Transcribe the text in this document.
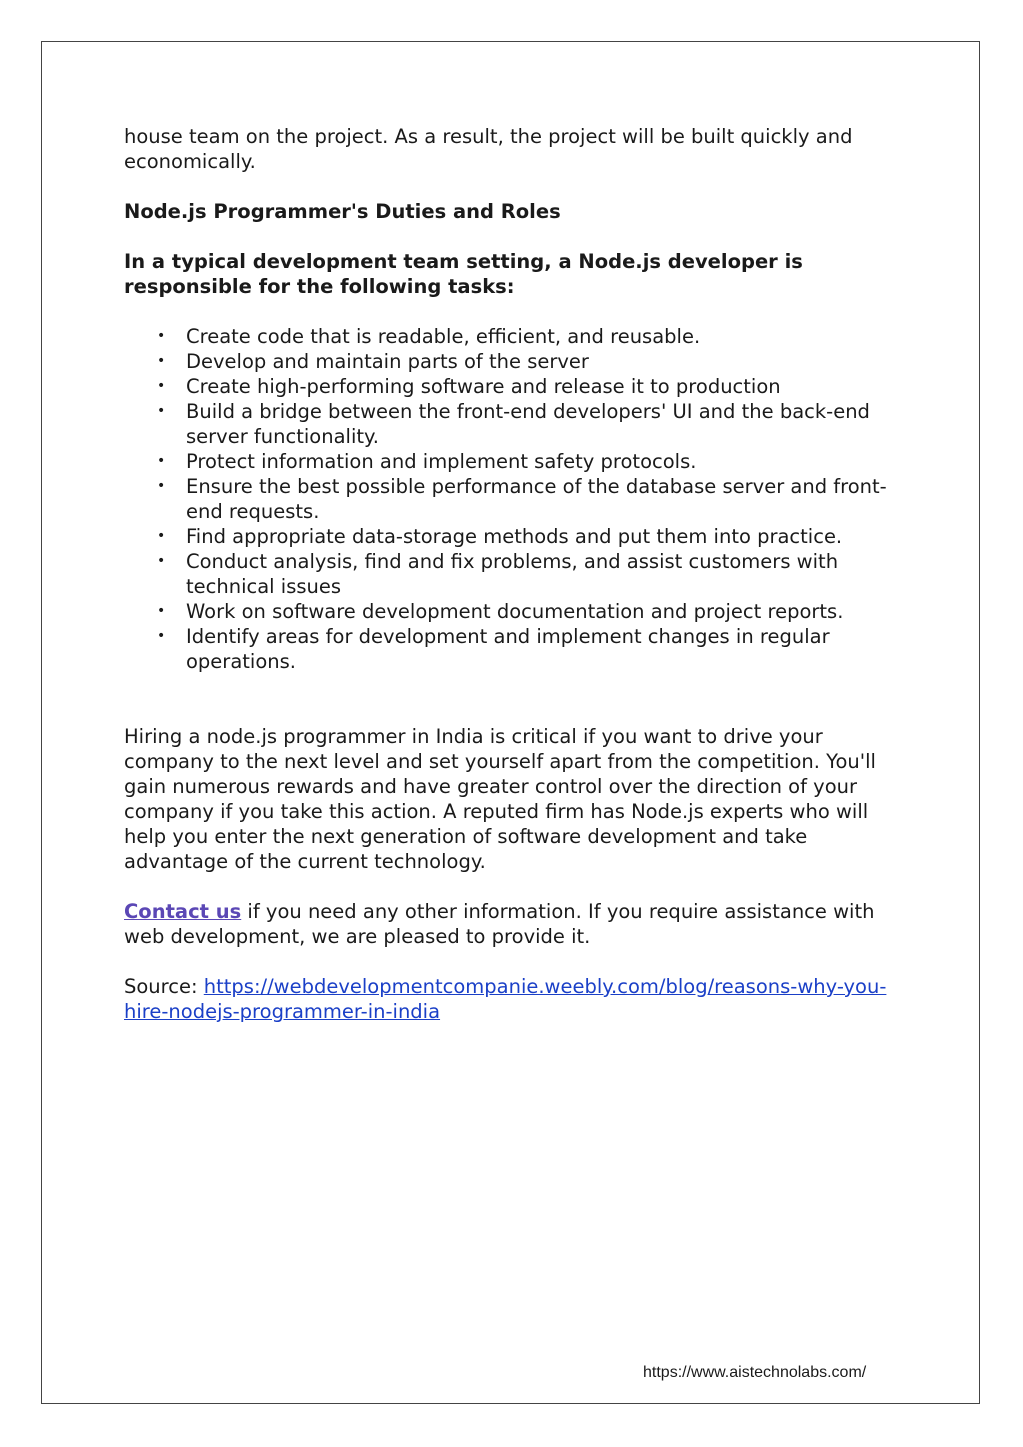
house team on the project. As a result, the project will be built quickly and economically.

Node.js Programmer's Duties and Roles

In a typical development team setting, a Node.js developer is responsible for the following tasks:

• Create code that is readable, efficient, and reusable.
• Develop and maintain parts of the server
• Create high-performing software and release it to production
• Build a bridge between the front-end developers' UI and the back-end server functionality.
• Protect information and implement safety protocols.
• Ensure the best possible performance of the database server and front-end requests.
• Find appropriate data-storage methods and put them into practice.
• Conduct analysis, find and fix problems, and assist customers with technical issues
• Work on software development documentation and project reports.
• Identify areas for development and implement changes in regular operations.

Hiring a node.js programmer in India is critical if you want to drive your company to the next level and set yourself apart from the competition. You'll gain numerous rewards and have greater control over the direction of your company if you take this action. A reputed firm has Node.js experts who will help you enter the next generation of software development and take advantage of the current technology.

Contact us if you need any other information. If you require assistance with web development, we are pleased to provide it.

Source: https://webdevelopmentcompanie.weebly.com/blog/reasons-why-you-hire-nodejs-programmer-in-india

https://www.aistechnolabs.com/
